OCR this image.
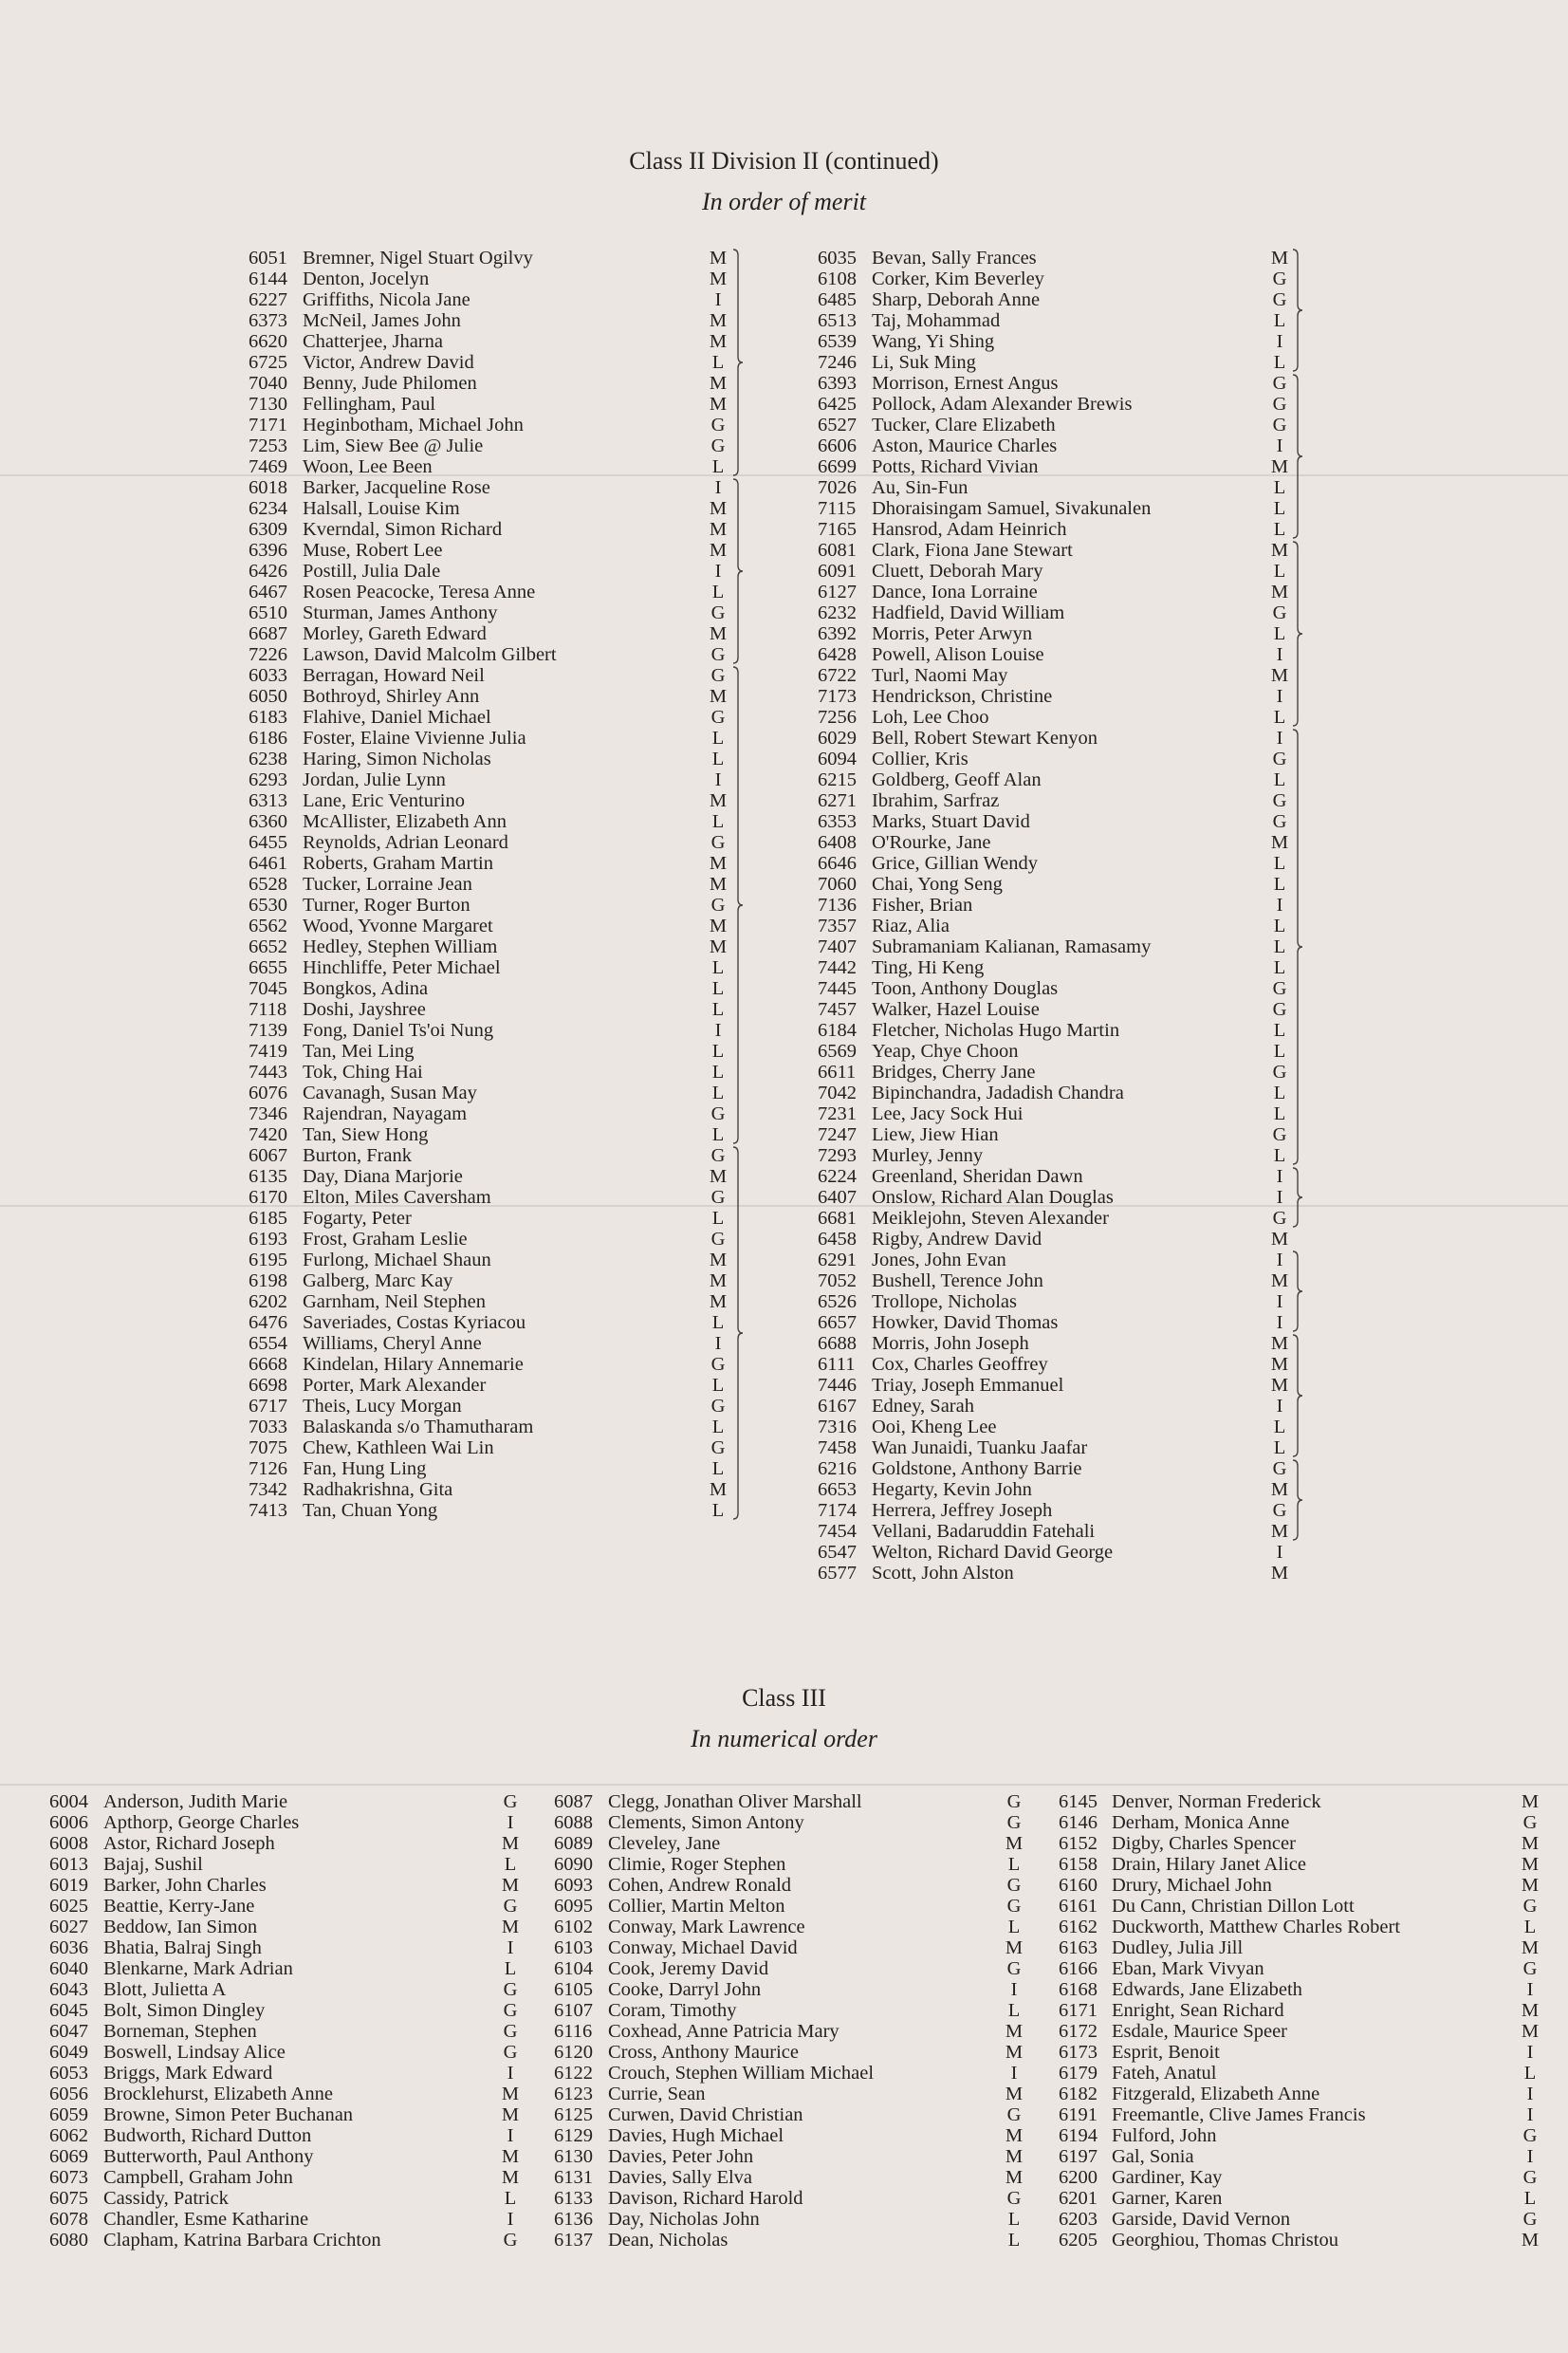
Class II Division II (continued)
In order of merit
6051 Bremner, Nigel Stuart Ogilvy	M
6144 Denton, Jocelyn	M
6227 Griffiths, Nicola Jane	I
6373 McNeil, James John	M
6620 Chatterjee, Jharna	M
6725 Victor, Andrew David	L
7040 Benny, Jude Philomen	M
7130 Fellingham, Paul	M
7171 Heginbotham, Michael John	G
7253 Lim, Siew Bee @ Julie	G
7469 Woon, Lee Been	L
6018 Barker, Jacqueline Rose	I
6234 Halsall, Louise Kim	M
6309 Kverndal, Simon Richard	M
6396 Muse, Robert Lee	M
6426 Postill, Julia Dale	I
6467 Rosen Peacocke, Teresa Anne	L
6510 Sturman, James Anthony	G
6687 Morley, Gareth Edward	M
7226 Lawson, David Malcolm Gilbert	G
6033 Berragan, Howard Neil	G
6050 Bothroyd, Shirley Ann	M
6183 Flahive, Daniel Michael	G
6186 Foster, Elaine Vivienne Julia	L
6238 Haring, Simon Nicholas	L
6293 Jordan, Julie Lynn	I
6313 Lane, Eric Venturino	M
6360 McAllister, Elizabeth Ann	L
6455 Reynolds, Adrian Leonard	G
6461 Roberts, Graham Martin	M
6528 Tucker, Lorraine Jean	M
6530 Turner, Roger Burton	G
6562 Wood, Yvonne Margaret	M
6652 Hedley, Stephen William	M
6655 Hinchliffe, Peter Michael	L
7045 Bongkos, Adina	L
7118 Doshi, Jayshree	L
7139 Fong, Daniel Ts'oi Nung	I
7419 Tan, Mei Ling	L
7443 Tok, Ching Hai	L
6076 Cavanagh, Susan May	L
7346 Rajendran, Nayagam	G
7420 Tan, Siew Hong	L
6067 Burton, Frank	G
6135 Day, Diana Marjorie	M
6170 Elton, Miles Caversham	G
6185 Fogarty, Peter	L
6193 Frost, Graham Leslie	G
6195 Furlong, Michael Shaun	M
6198 Galberg, Marc Kay	M
6202 Garnham, Neil Stephen	M
6476 Saveriades, Costas Kyriacou	L
6554 Williams, Cheryl Anne	I
6668 Kindelan, Hilary Annemarie	G
6698 Porter, Mark Alexander	L
6717 Theis, Lucy Morgan	G
7033 Balaskanda s/o Thamutharam	L
7075 Chew, Kathleen Wai Lin	G
7126 Fan, Hung Ling	L
7342 Radhakrishna, Gita	M
7413 Tan, Chuan Yong	L
6035 Bevan, Sally Frances	M
6108 Corker, Kim Beverley	G
6485 Sharp, Deborah Anne	G
6513 Taj, Mohammad	L
6539 Wang, Yi Shing	I
7246 Li, Suk Ming	L
6393 Morrison, Ernest Angus	G
6425 Pollock, Adam Alexander Brewis	G
6527 Tucker, Clare Elizabeth	G
6606 Aston, Maurice Charles	I
6699 Potts, Richard Vivian	M
7026 Au, Sin-Fun	L
7115 Dhoraisingam Samuel, Sivakunalen	L
7165 Hansrod, Adam Heinrich	L
6081 Clark, Fiona Jane Stewart	M
6091 Cluett, Deborah Mary	L
6127 Dance, Iona Lorraine	M
6232 Hadfield, David William	G
6392 Morris, Peter Arwyn	L
6428 Powell, Alison Louise	I
6722 Turl, Naomi May	M
7173 Hendrickson, Christine	I
7256 Loh, Lee Choo	L
6029 Bell, Robert Stewart Kenyon	I
6094 Collier, Kris	G
6215 Goldberg, Geoff Alan	L
6271 Ibrahim, Sarfraz	G
6353 Marks, Stuart David	G
6408 O'Rourke, Jane	M
6646 Grice, Gillian Wendy	L
7060 Chai, Yong Seng	L
7136 Fisher, Brian	I
7357 Riaz, Alia	L
7407 Subramaniam Kalianan, Ramasamy	L
7442 Ting, Hi Keng	L
7445 Toon, Anthony Douglas	G
7457 Walker, Hazel Louise	G
6184 Fletcher, Nicholas Hugo Martin	L
6569 Yeap, Chye Choon	L
6611 Bridges, Cherry Jane	G
7042 Bipinchandra, Jadadish Chandra	L
7231 Lee, Jacy Sock Hui	L
7247 Liew, Jiew Hian	G
7293 Murley, Jenny	L
6224 Greenland, Sheridan Dawn	I
6407 Onslow, Richard Alan Douglas	I
6681 Meiklejohn, Steven Alexander	G
6458 Rigby, Andrew David	M
6291 Jones, John Evan	I
7052 Bushell, Terence John	M
6526 Trollope, Nicholas	I
6657 Howker, David Thomas	I
6688 Morris, John Joseph	M
6111 Cox, Charles Geoffrey	M
7446 Triay, Joseph Emmanuel	M
6167 Edney, Sarah	I
7316 Ooi, Kheng Lee	L
7458 Wan Junaidi, Tuanku Jaafar	L
6216 Goldstone, Anthony Barrie	G
6653 Hegarty, Kevin John	M
7174 Herrera, Jeffrey Joseph	G
7454 Vellani, Badaruddin Fatehali	M
6547 Welton, Richard David George	I
6577 Scott, John Alston	M
Class III
In numerical order
6004 Anderson, Judith Marie	G
6006 Apthorp, George Charles	I
6008 Astor, Richard Joseph	M
6013 Bajaj, Sushil	L
6019 Barker, John Charles	M
6025 Beattie, Kerry-Jane	G
6027 Beddow, Ian Simon	M
6036 Bhatia, Balraj Singh	I
6040 Blenkarne, Mark Adrian	L
6043 Blott, Julietta A	G
6045 Bolt, Simon Dingley	G
6047 Borneman, Stephen	G
6049 Boswell, Lindsay Alice	G
6053 Briggs, Mark Edward	I
6056 Brocklehurst, Elizabeth Anne	M
6059 Browne, Simon Peter Buchanan	M
6062 Budworth, Richard Dutton	I
6069 Butterworth, Paul Anthony	M
6073 Campbell, Graham John	M
6075 Cassidy, Patrick	L
6078 Chandler, Esme Katharine	I
6080 Clapham, Katrina Barbara Crichton	G
6087 Clegg, Jonathan Oliver Marshall	G
6088 Clements, Simon Antony	G
6089 Cleveley, Jane	M
6090 Climie, Roger Stephen	L
6093 Cohen, Andrew Ronald	G
6095 Collier, Martin Melton	G
6102 Conway, Mark Lawrence	L
6103 Conway, Michael David	M
6104 Cook, Jeremy David	G
6105 Cooke, Darryl John	I
6107 Coram, Timothy	L
6116 Coxhead, Anne Patricia Mary	M
6120 Cross, Anthony Maurice	M
6122 Crouch, Stephen William Michael	I
6123 Currie, Sean	M
6125 Curwen, David Christian	G
6129 Davies, Hugh Michael	M
6130 Davies, Peter John	M
6131 Davies, Sally Elva	M
6133 Davison, Richard Harold	G
6136 Day, Nicholas John	L
6137 Dean, Nicholas	L
6145 Denver, Norman Frederick	M
6146 Derham, Monica Anne	G
6152 Digby, Charles Spencer	M
6158 Drain, Hilary Janet Alice	M
6160 Drury, Michael John	M
6161 Du Cann, Christian Dillon Lott	G
6162 Duckworth, Matthew Charles Robert	L
6163 Dudley, Julia Jill	M
6166 Eban, Mark Vivyan	G
6168 Edwards, Jane Elizabeth	I
6171 Enright, Sean Richard	M
6172 Esdale, Maurice Speer	M
6173 Esprit, Benoit	I
6179 Fateh, Anatul	L
6182 Fitzgerald, Elizabeth Anne	I
6191 Freemantle, Clive James Francis	I
6194 Fulford, John	G
6197 Gal, Sonia	I
6200 Gardiner, Kay	G
6201 Garner, Karen	L
6203 Garside, David Vernon	G
6205 Georghiou, Thomas Christou	M
